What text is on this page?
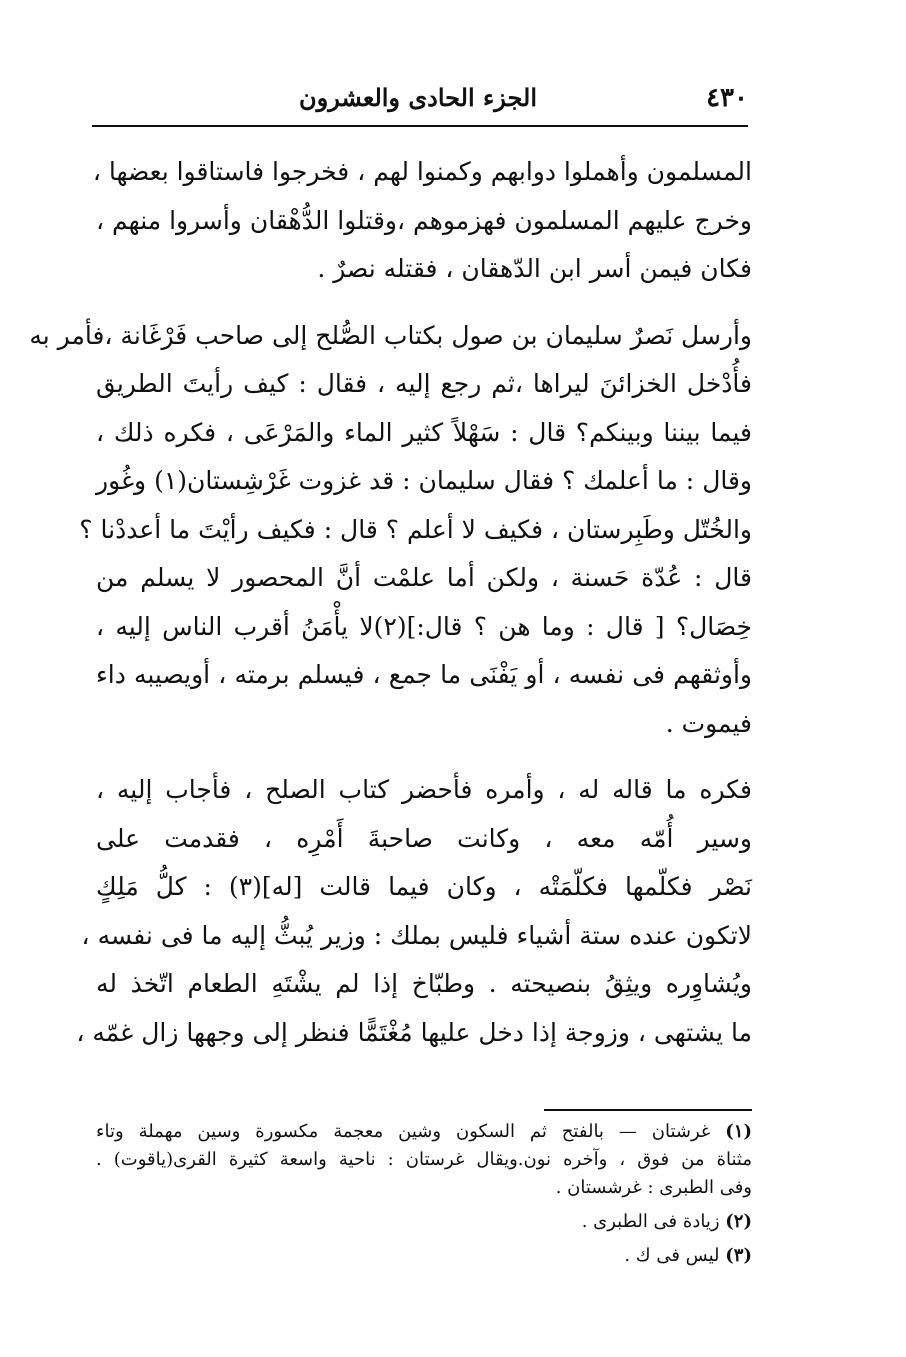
٤٣٠
الجزء الحادى والعشرون
المسلمون وأهملوا دوابهم وكمنوا لهم ، فخرجوا فاستاقوا بعضها ،
وخرج عليهم المسلمون فهزموهم ،وقتلوا الدُّهْقان وأسروا منهم ،
فكان فيمن أسر ابن الدّهقان ، فقتله نصرٌ .
وأرسل نَصرٌ سليمان بن صول بكتاب الصُّلح إلى صاحب فَرْغَانة ،فأمر به
فأُدْخل الخزائنَ ليراها ،ثم رجع إليه ، فقال : كيف رأيتَ الطريق
فيما بيننا وبينكم؟ قال : سَهْلاً كثير الماء والمَرْعَى ، فكره ذلك ،
وقال : ما أعلمك ؟ فقال سليمان : قد غزوت غَرْشِستان(١) وغُور
والخُتّل وطَبِرستان ، فكيف لا أعلم ؟ قال : فكيف رأيْتَ ما أعددْنا ؟
قال : عُدّة حَسنة ، ولكن أما علمْت أنَّ المحصور لا يسلم من
خِصَال؟ [ قال : وما هن ؟ قال:](٢)لا يأْمَنُ أقرب الناس إليه ،
وأوثقهم فى نفسه ، أو يَفْنَى ما جمع ، فيسلم برمته ، أويصيبه داء
فيموت .
فكره ما قاله له ، وأمره فأحضر كتاب الصلح ، فأجاب إليه ،
وسير أُمّه معه ، وكانت صاحبةَ أَمْرِه ، فقدمت على
نَصْر فكلّمها فكلّمَتْه ، وكان فيما قالت [له](٣) : كلُّ مَلِكٍ
لاتكون عنده ستة أشياء فليس بملك : وزير يُبثُّ إليه ما فى نفسه ،
ويُشاوِره ويثِقُ بنصيحته . وطبّاخ إذا لم يشْتَهِ الطعام اتّخذ له
ما يشتهى ، وزوجة إذا دخل عليها مُغْتَمًّا فنظر إلى وجهها زال غمّه ،
(١) غرشتان — بالفتح ثم السكون وشين معجمة مكسورة وسين مهملة وتاء
مثناة من فوق ، وآخره نون.ويقال غرستان : ناحية واسعة كثيرة القرى(ياقوت) .
وفى الطبرى : غرشستان .
(٢) زيادة فى الطبرى .
(٣) ليس فى ك .
